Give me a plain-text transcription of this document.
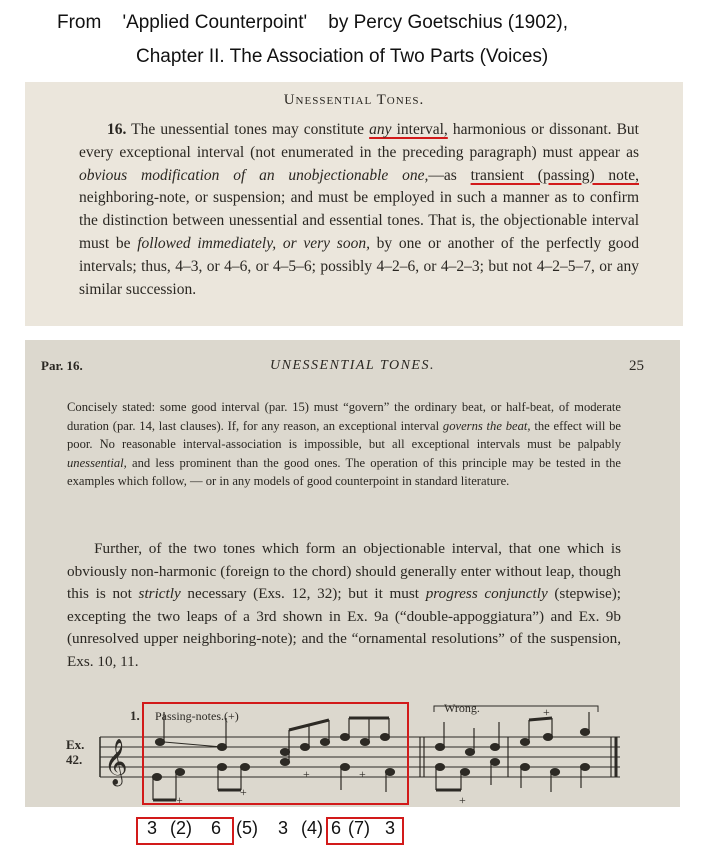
From    'Applied Counterpoint'    by Percy Goetschius (1902),
Chapter II. The Association of Two Parts (Voices)
Unessential Tones.
16. The unessential tones may constitute any interval, harmonious or dissonant. But every exceptional interval (not enumerated in the preceding paragraph) must appear as obvious modification of an unobjectionable one,—as transient (passing) note, neighboring-note, or suspension; and must be employed in such a manner as to confirm the distinction between unessential and essential tones. That is, the objectionable interval must be followed immediately, or very soon, by one or another of the perfectly good intervals; thus, 4–3, or 4–6, or 4–5–6; possibly 4–2–6, or 4–2–3; but not 4–2–5–7, or any similar succession.
Par. 16.	UNESSENTIAL TONES.	25
Concisely stated: some good interval (par. 15) must “govern” the ordinary beat, or half-beat, of moderate duration (par. 14, last clauses). If, for any reason, an exceptional interval governs the beat, the effect will be poor. No reasonable interval-association is impossible, but all exceptional intervals must be palpably unessential, and less prominent than the good ones. The operation of this principle may be tested in the examples which follow, — or in any models of good counterpoint in standard literature.
Further, of the two tones which form an objectionable interval, that one which is obviously non-harmonic (foreign to the chord) should generally enter without leap, though this is not strictly necessary (Exs. 12, 32); but it must progress conjunctly (stepwise); excepting the two leaps of a 3rd shown in Ex. 9a (“double-appoggiatura”) and Ex. 9b (unresolved upper neighboring-note); and the “ornamental resolutions” of the suspension, Exs. 10, 11.
𝄞
Ex.
42.
1. Passing-notes.(+)
Wrong.
+
+
+	+
+
+
3 (2) 6 (5) 3 (4) 6 (7) 3
